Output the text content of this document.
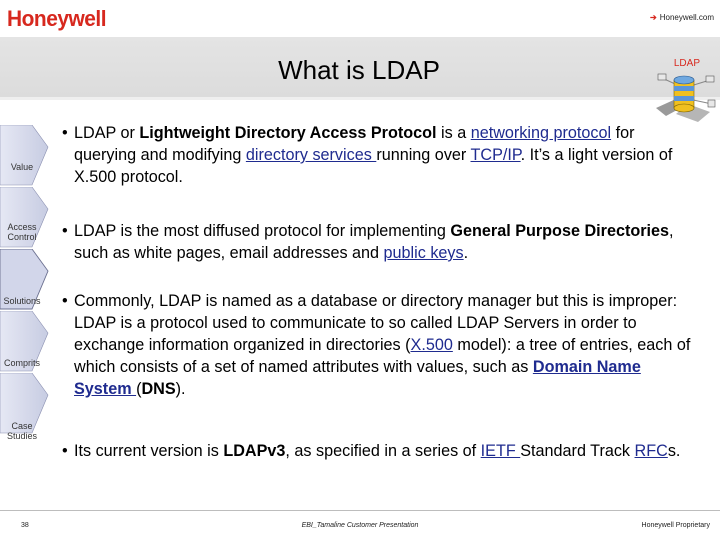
Honeywell	➔ Honeywell.com
What is LDAP	LDAP
Value
Access Control
Solutions
Comprits
Case Studies
• LDAP or Lightweight Directory Access Protocol is a networking protocol for querying and modifying directory services running over TCP/IP. It’s a light version of X.500 protocol.
• LDAP is the most diffused protocol for implementing General Purpose Directories, such as white pages, email addresses and public keys.
• Commonly, LDAP is named as a database or directory manager but this is improper: LDAP is a protocol used to communicate to so called LDAP Servers in order to exchange information organized in directories (X.500 model): a tree of entries, each of which consists of a set of named attributes with values, such as Domain Name System (DNS).
• Its current version is LDAPv3, as specified in a series of IETF Standard Track RFCs.
38	EBI_Tamaline Customer Presentation	Honeywell Proprietary
